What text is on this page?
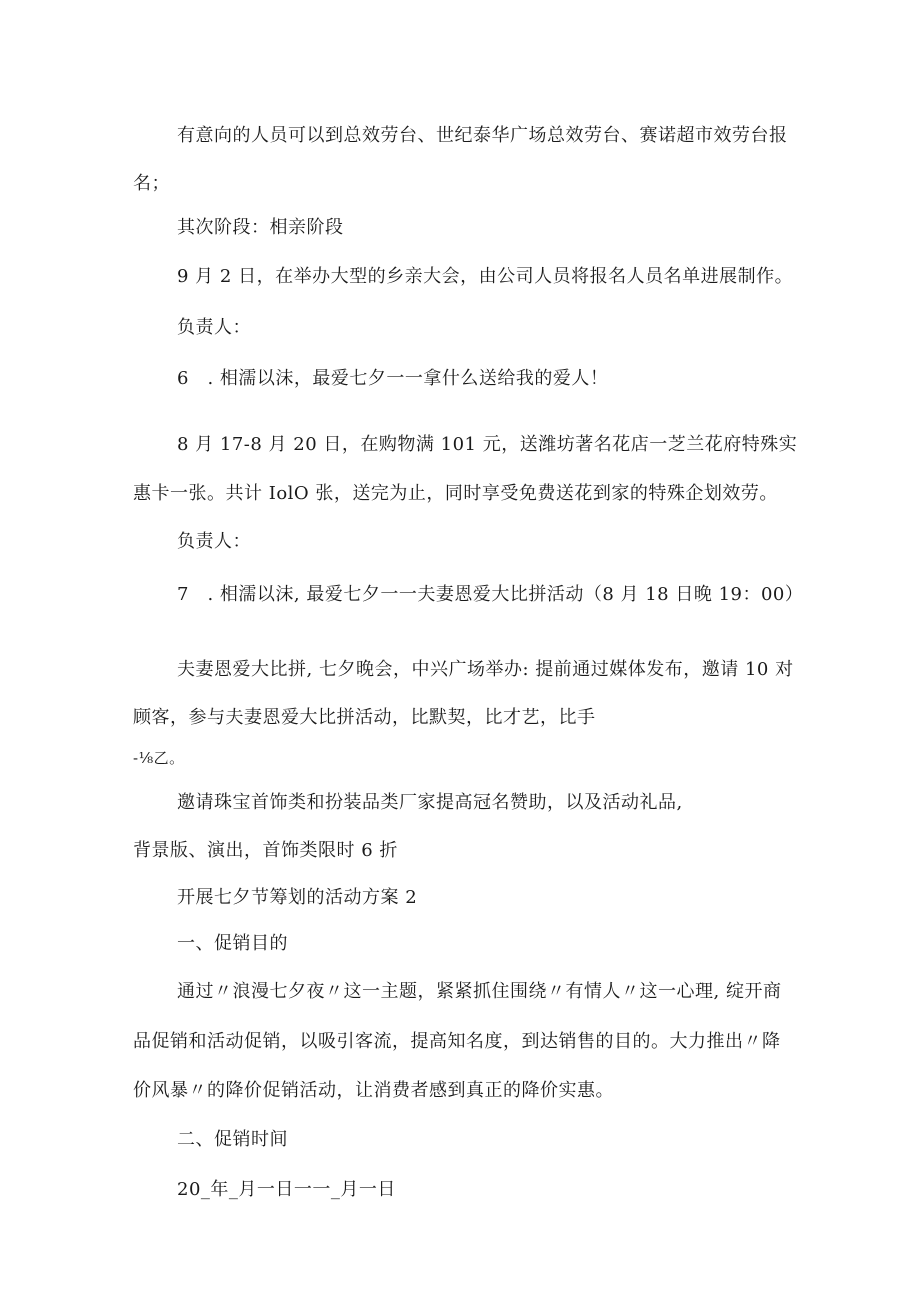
有意向的人员可以到总效劳台、世纪泰华广场总效劳台、赛诺超市效劳台报
名；
其次阶段：相亲阶段
9 月 2 日，在举办大型的乡亲大会，由公司人员将报名人员名单进展制作。
负责人：
6　. 相濡以沫，最爱七夕一一拿什么送给我的爱人！
8 月 17-8 月 20 日，在购物满 101 元，送潍坊著名花店一芝兰花府特殊实
惠卡一张。共计 IolO 张，送完为止，同时享受免费送花到家的特殊企划效劳。
负责人：
7　. 相濡以沫, 最爱七夕一一夫妻恩爱大比拼活动（8 月 18 日晚 19：00）
夫妻恩爱大比拼, 七夕晚会，中兴广场举办: 提前通过媒体发布，邀请 10 对
顾客，参与夫妻恩爱大比拼活动，比默契，比才艺，比手
-⅛乙。
邀请珠宝首饰类和扮装品类厂家提高冠名赞助，以及活动礼品,
背景版、演出，首饰类限时 6 折
开展七夕节筹划的活动方案 2
一、促销目的
通过〃浪漫七夕夜〃这一主题，紧紧抓住围绕〃有情人〃这一心理, 绽开商
品促销和活动促销，以吸引客流，提高知名度，到达销售的目的。大力推出〃降
价风暴〃的降价促销活动，让消费者感到真正的降价实惠。
二、促销时间
20_年_月一日一一_月一日
